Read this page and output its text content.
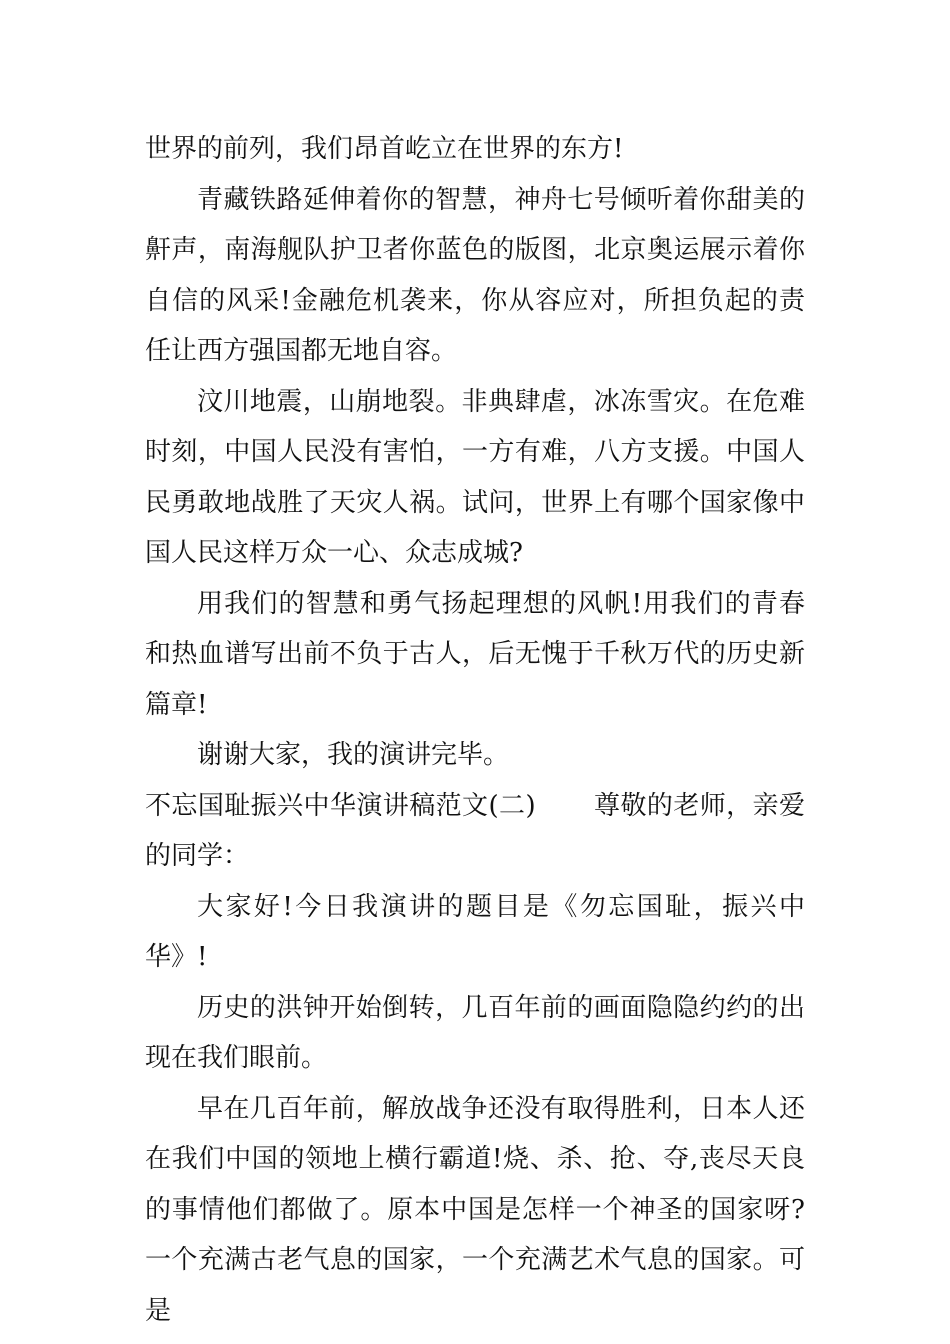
世界的前列，我们昂首屹立在世界的东方!

青藏铁路延伸着你的智慧，神舟七号倾听着你甜美的鼾声，南海舰队护卫者你蓝色的版图，北京奥运展示着你自信的风采!金融危机袭来，你从容应对，所担负起的责任让西方强国都无地自容。

汶川地震，山崩地裂。非典肆虐，冰冻雪灾。在危难时刻，中国人民没有害怕，一方有难，八方支援。中国人民勇敢地战胜了天灾人祸。试问，世界上有哪个国家像中国人民这样万众一心、众志成城?

用我们的智慧和勇气扬起理想的风帆!用我们的青春和热血谱写出前不负于古人，后无愧于千秋万代的历史新篇章!

谢谢大家，我的演讲完毕。

不忘国耻振兴中华演讲稿范文(二) 尊敬的老师，亲爱的同学：

大家好!今日我演讲的题目是《勿忘国耻，振兴中华》!

历史的洪钟开始倒转，几百年前的画面隐隐约约的出现在我们眼前。

早在几百年前，解放战争还没有取得胜利，日本人还在我们中国的领地上横行霸道!烧、杀、抢、夺,丧尽天良的事情他们都做了。原本中国是怎样一个神圣的国家呀?一个充满古老气息的国家，一个充满艺术气息的国家。可是
